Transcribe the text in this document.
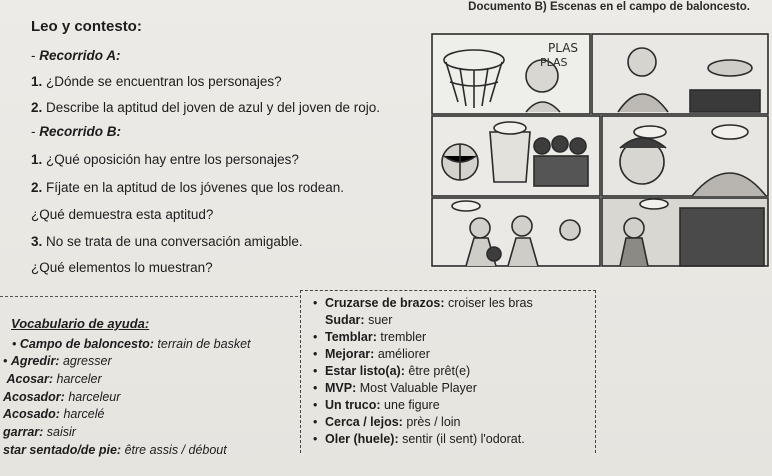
Documento B) Escenas en el campo de baloncesto.
Leo y contesto:
- Recorrido A:
1. ¿Dónde se encuentran los personajes?
2. Describe la aptitud del joven de azul y del joven de rojo.
- Recorrido B:
1. ¿Qué oposición hay entre los personajes?
2. Fíjate en la aptitud de los jóvenes que los rodean.
¿Qué demuestra esta aptitud?
3. No se trata de una conversación amigable.
¿Qué elementos lo muestran?
PLAS
PLAS
Vocabulario de ayuda:
• Campo de baloncesto: terrain de basket
• Agredir: agresser
Acosar: harceler
Acosador: harceleur
Acosado: harcelé
garrar: saisir
star sentado/de pie: être assis / débout
• Cruzarse de brazos: croiser les bras
Sudar: suer
• Temblar: trembler
• Mejorar: améliorer
• Estar listo(a): être prêt(e)
• MVP: Most Valuable Player
• Un truco: une figure
• Cerca / lejos: près / loin
• Oler (huele): sentir (il sent) l'odorat.
